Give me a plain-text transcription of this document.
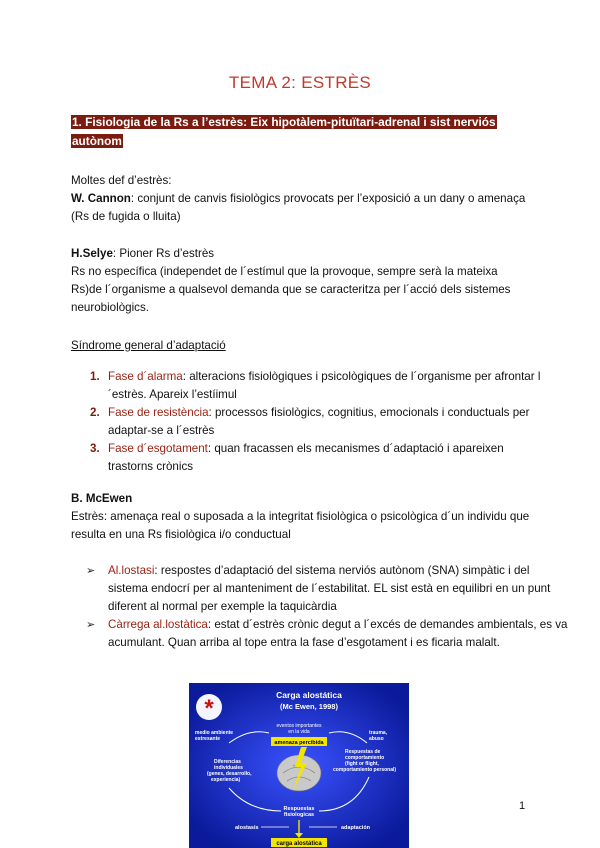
TEMA 2: ESTRÈS
1. Fisiologia de la Rs a l’estrès: Eix hipotàlem-pituïtari-adrenal i sist nerviós autònom

Moltes def d’estrès:

W. Cannon: conjunt de canvis fisiològics provocats per l’exposició a un dany o amenaça (Rs de fugida o lluita)

H.Selye: Pioner Rs d’estrès

Rs no específica (independet de l´estímul que la provoque, sempre serà la mateixa Rs)de l´organisme a qualsevol demanda que se caracteritza per l´acció dels sistemes neurobiològics.

Síndrome general d’adaptació

1. Fase d´alarma: alteracions fisiològiques i psicològiques de l´organisme per afrontar l´estrès. Apareix l’estíimul
2. Fase de resistència: processos fisiològics, cognitius, emocionals i conductuals per adaptar-se a l´estrès
3. Fase d´esgotament: quan fracassen els mecanismes d´adaptació i apareixen trastorns crònics

B. McEwen

Estrès: amenaça real o suposada a la integritat fisiològica o psicològica d´un individu que resulta en una Rs fisiològica i/o conductual

➢ Al.lostasi: respostes d’adaptació del sistema nerviós autònom (SNA) simpàtic i del sistema endocrí per al manteniment de l´estabilitat. EL sist està en equilibri en un punt diferent al normal per exemple la taquicàrdia
➢ Càrrega al.lostàtica: estat d´estrès crònic degut a l´excés de demandes ambientals, es va acumulant. Quan arriba al tope entra la fase d’esgotament i es ficaria malalt.
*	Carga alostática
(Mc Ewen, 1998)
eventos importantes
en la vida
medio ambiente
estresante
trauma,
abuso
amenaza percibida
Diferencias
individuales
(genes, desarrollo,
experiencia)
Respuestas de
comportamiento
(fight or flight,
comportamiento personal)
Respuestas
fisiologicas
alostasis	adaptación
carga alostática
1
